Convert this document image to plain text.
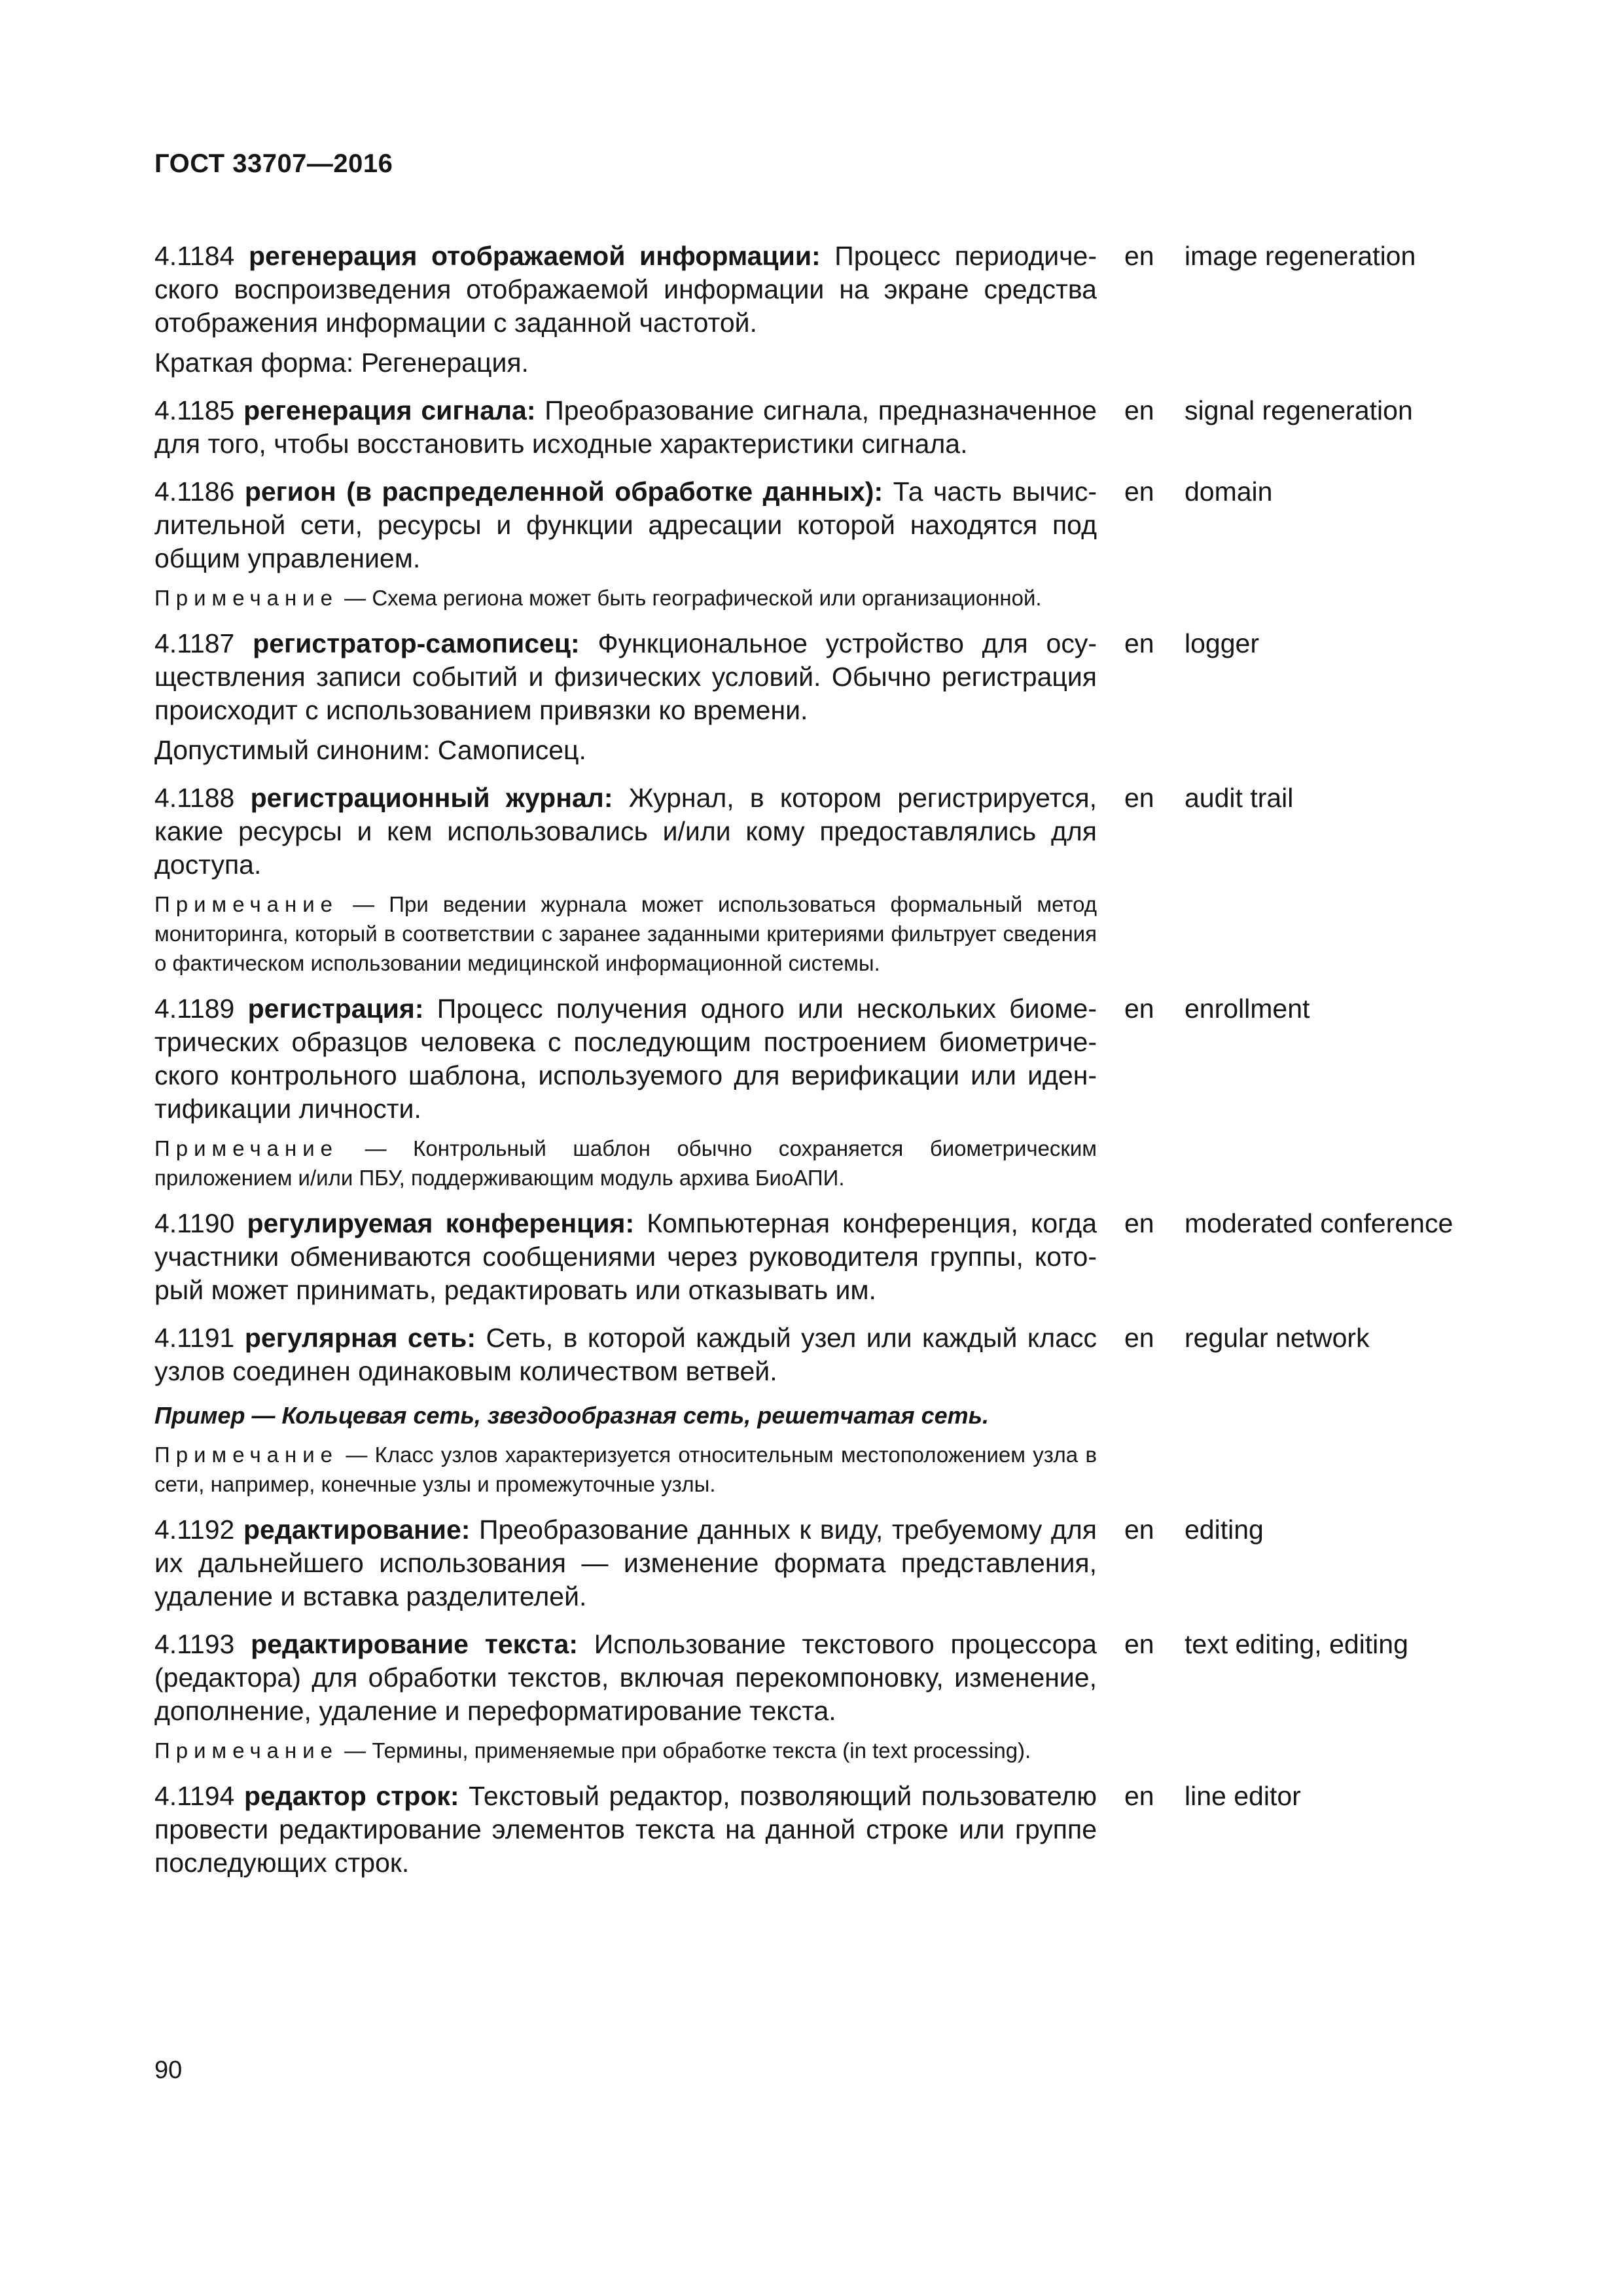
ГОСТ 33707—2016

4.1184 регенерация отображаемой информации: Процесс периодического воспроизведения отображаемой информации на экране средства отображения информации с заданной частотой.

Краткая форма: Регенерация.

en	image regeneration

4.1185 регенерация сигнала: Преобразование сигнала, предназначенное для того, чтобы восстановить исходные характеристики сигнала.

en	signal regeneration

4.1186 регион (в распределенной обработке данных): Та часть вычислительной сети, ресурсы и функции адресации которой находятся под общим управлением.

Примечание — Схема региона может быть географической или организационной.

en	domain

4.1187 регистратор-самописец: Функциональное устройство для осуществления записи событий и физических условий. Обычно регистрация происходит с использованием привязки ко времени.

Допустимый синоним: Самописец.

en	logger

4.1188 регистрационный журнал: Журнал, в котором регистрируется, какие ресурсы и кем использовались и/или кому предоставлялись для доступа.

Примечание — При ведении журнала может использоваться формальный метод мониторинга, который в соответствии с заранее заданными критериями фильтрует сведения о фактическом использовании медицинской информационной системы.

en	audit trail

4.1189 регистрация: Процесс получения одного или нескольких биометрических образцов человека с последующим построением биометрического контрольного шаблона, используемого для верификации или идентификации личности.

Примечание — Контрольный шаблон обычно сохраняется биометрическим приложением и/или ПБУ, поддерживающим модуль архива БиоАПИ.

en	enrollment

4.1190 регулируемая конференция: Компьютерная конференция, когда участники обмениваются сообщениями через руководителя группы, который может принимать, редактировать или отказывать им.

en	moderated conference

4.1191 регулярная сеть: Сеть, в которой каждый узел или каждый класс узлов соединен одинаковым количеством ветвей.

Пример — Кольцевая сеть, звездообразная сеть, решетчатая сеть.

Примечание — Класс узлов характеризуется относительным местоположением узла в сети, например, конечные узлы и промежуточные узлы.

en	regular network

4.1192 редактирование: Преобразование данных к виду, требуемому для их дальнейшего использования — изменение формата представления, удаление и вставка разделителей.

en	editing

4.1193 редактирование текста: Использование текстового процессора (редактора) для обработки текстов, включая перекомпоновку, изменение, дополнение, удаление и переформатирование текста.

Примечание — Термины, применяемые при обработке текста (in text processing).

en	text editing, editing

4.1194 редактор строк: Текстовый редактор, позволяющий пользователю провести редактирование элементов текста на данной строке или группе последующих строк.

en	line editor
90
